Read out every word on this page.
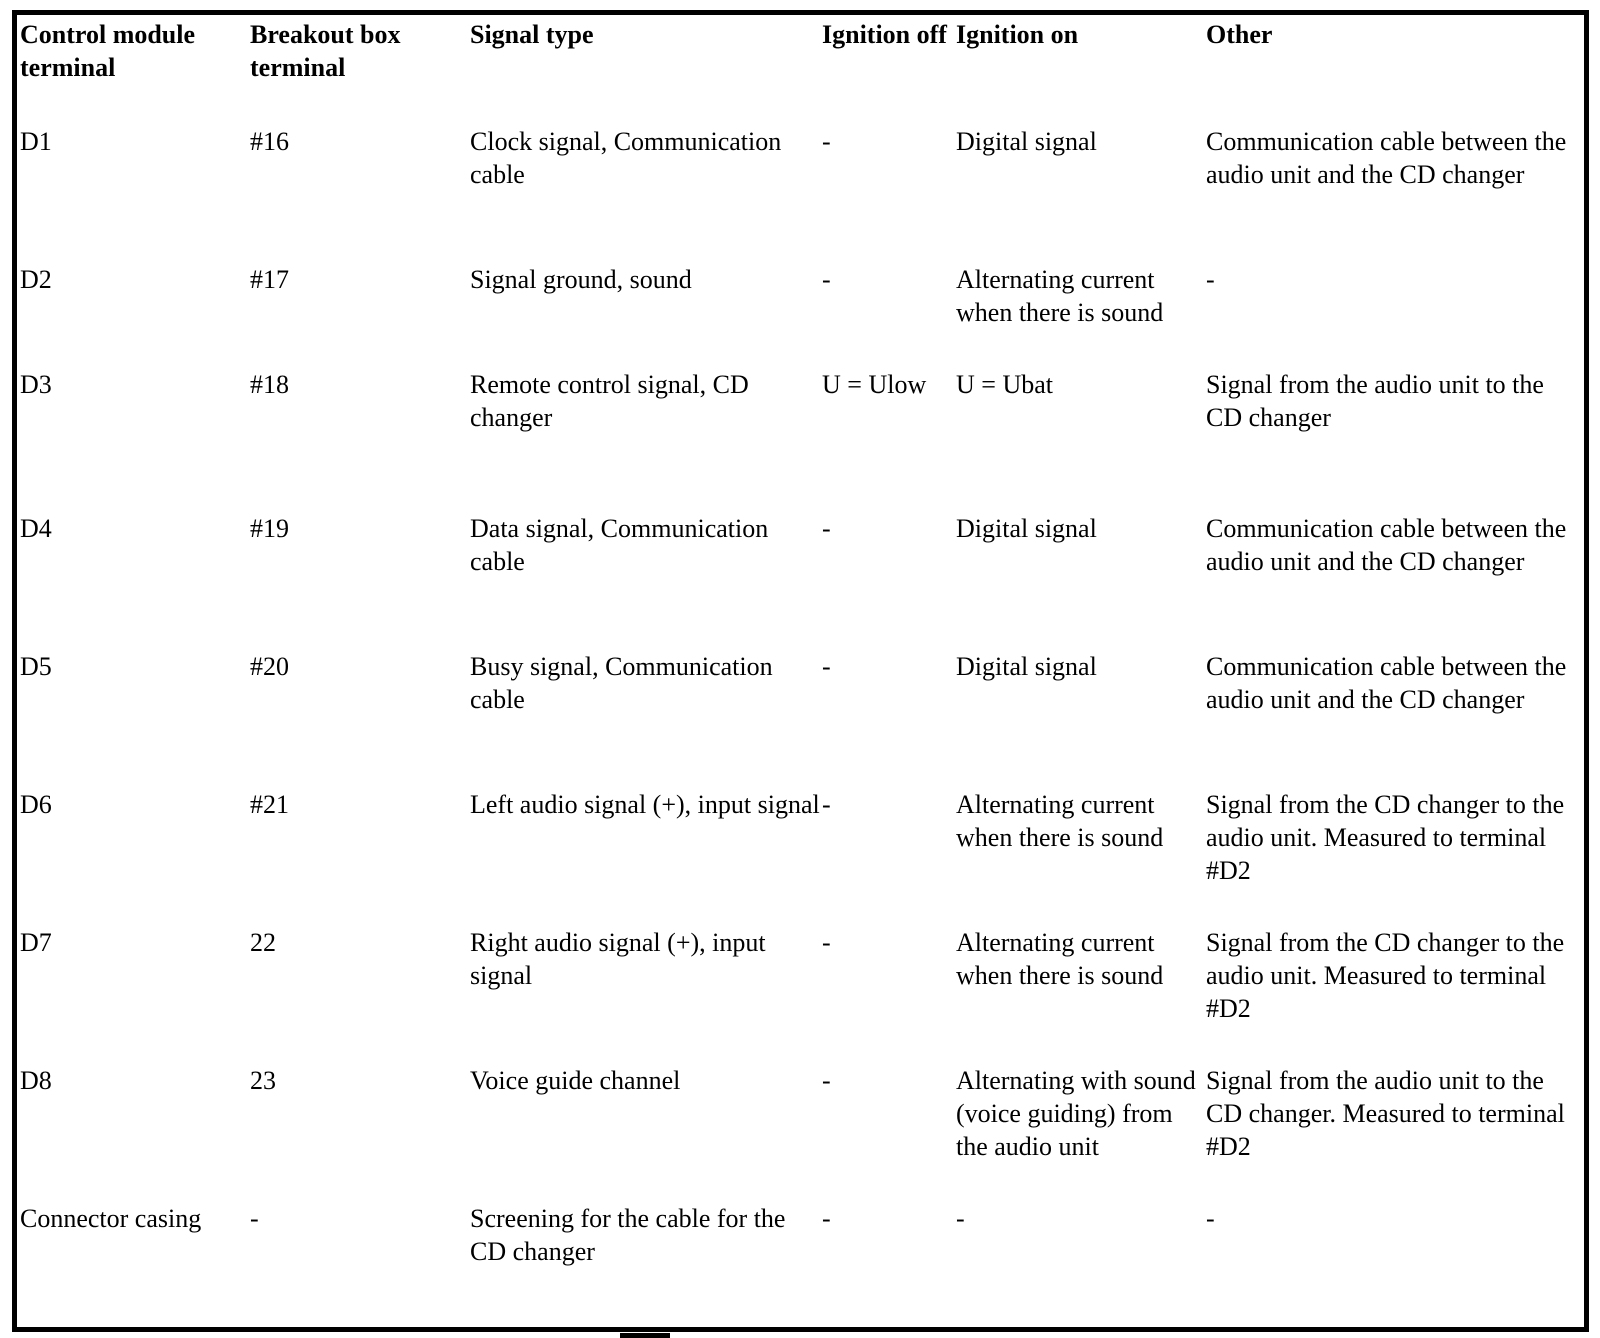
Control module terminal	Breakout box terminal	Signal type	Ignition off	Ignition on	Other
D1	#16	Clock signal, Communication cable	-	Digital signal	Communication cable between the audio unit and the CD changer
D2	#17	Signal ground, sound	-	Alternating current when there is sound	-
D3	#18	Remote control signal, CD changer	U = Ulow	U = Ubat	Signal from the audio unit to the CD changer
D4	#19	Data signal, Communication cable	-	Digital signal	Communication cable between the audio unit and the CD changer
D5	#20	Busy signal, Communication cable	-	Digital signal	Communication cable between the audio unit and the CD changer
D6	#21	Left audio signal (+), input signal	-	Alternating current when there is sound	Signal from the CD changer to the audio unit. Measured to terminal #D2
D7	22	Right audio signal (+), input signal	-	Alternating current when there is sound	Signal from the CD changer to the audio unit. Measured to terminal #D2
D8	23	Voice guide channel	-	Alternating with sound (voice guiding) from the audio unit	Signal from the audio unit to the CD changer. Measured to terminal #D2
Connector casing	-	Screening for the cable for the CD changer	-	-	-
